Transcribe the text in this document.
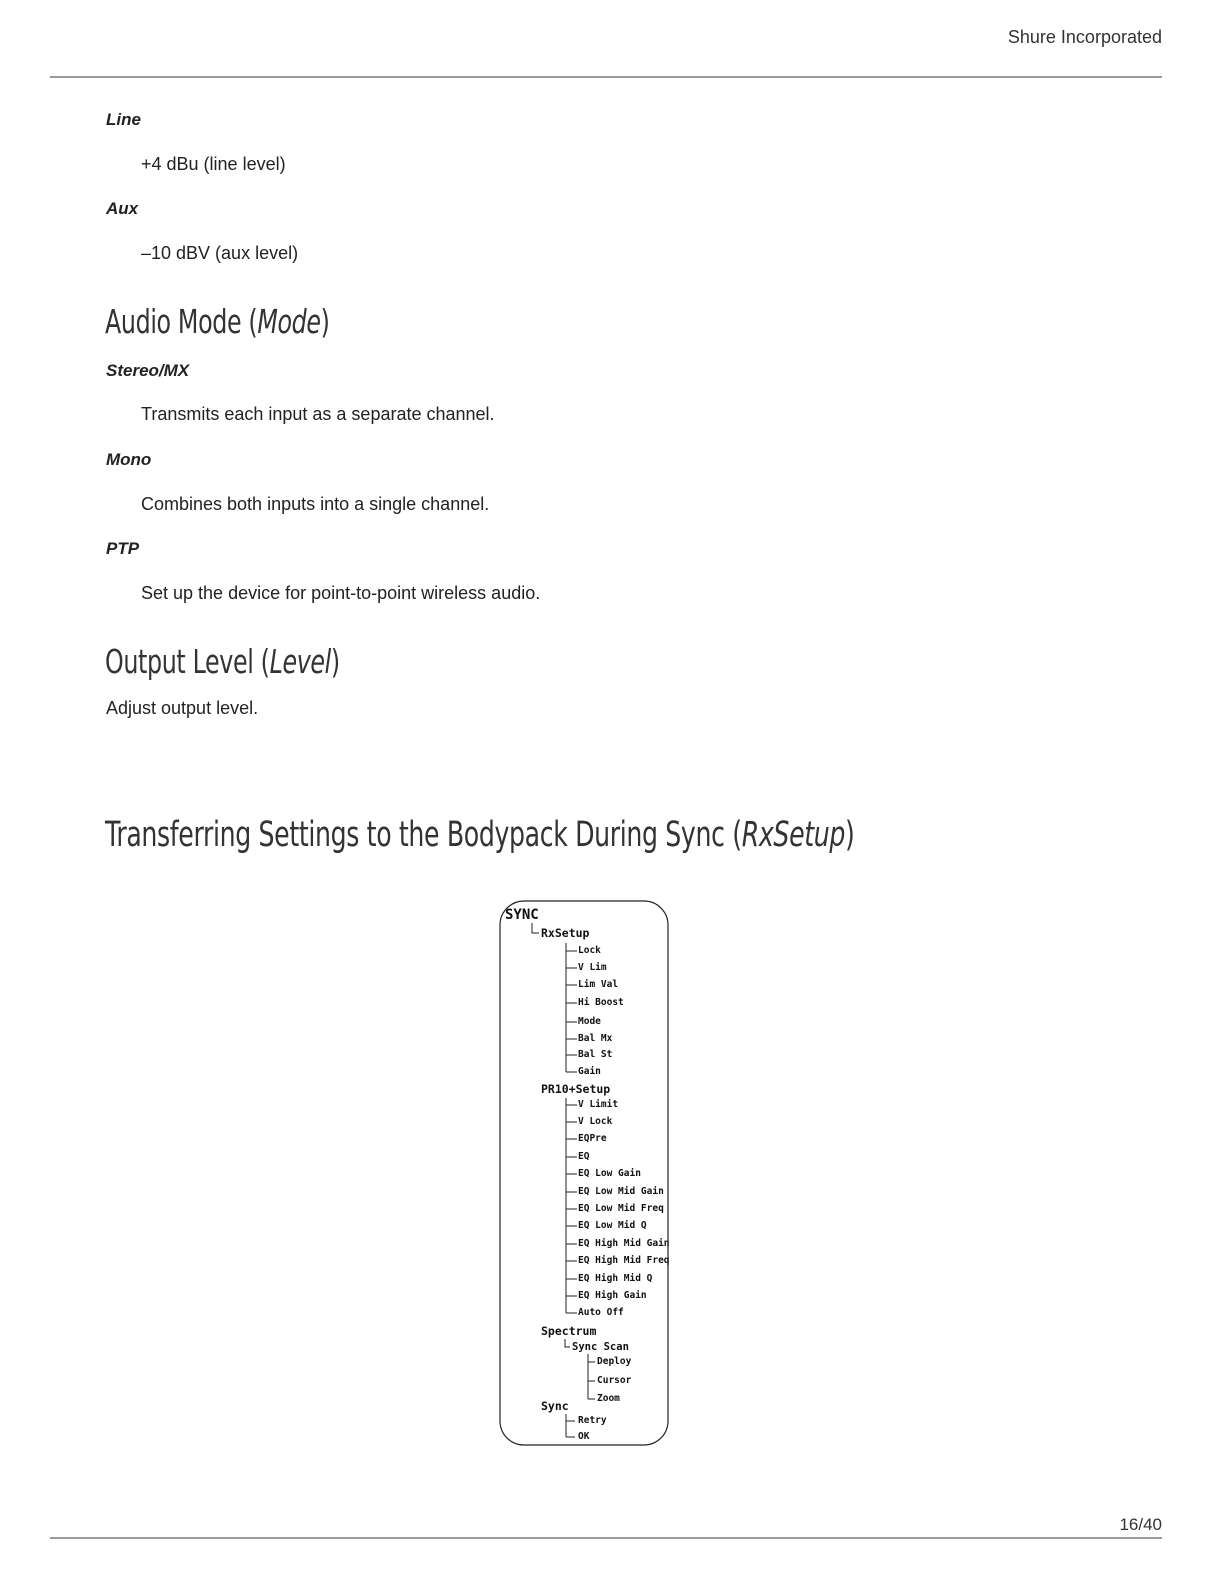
Shure Incorporated
Line
+4 dBu (line level)
Aux
–10 dBV (aux level)
Audio Mode (Mode)
Stereo/MX
Transmits each input as a separate channel.
Mono
Combines both inputs into a single channel.
PTP
Set up the device for point-to-point wireless audio.
Output Level (Level)
Adjust output level.
Transferring Settings to the Bodypack During Sync (RxSetup)
SYNC
RxSetup
Lock
V Lim
Lim Val
Hi Boost
Mode
Bal Mx
Bal St
Gain
PR10+Setup
V Limit
V Lock
EQPre
EQ
EQ Low Gain
EQ Low Mid Gain
EQ Low Mid Freq
EQ Low Mid Q
EQ High Mid Gain
EQ High Mid Freq
EQ High Mid Q
EQ High Gain
Auto Off
Spectrum
Sync Scan
Deploy
Cursor
Zoom
Sync
Retry
OK
16/40
